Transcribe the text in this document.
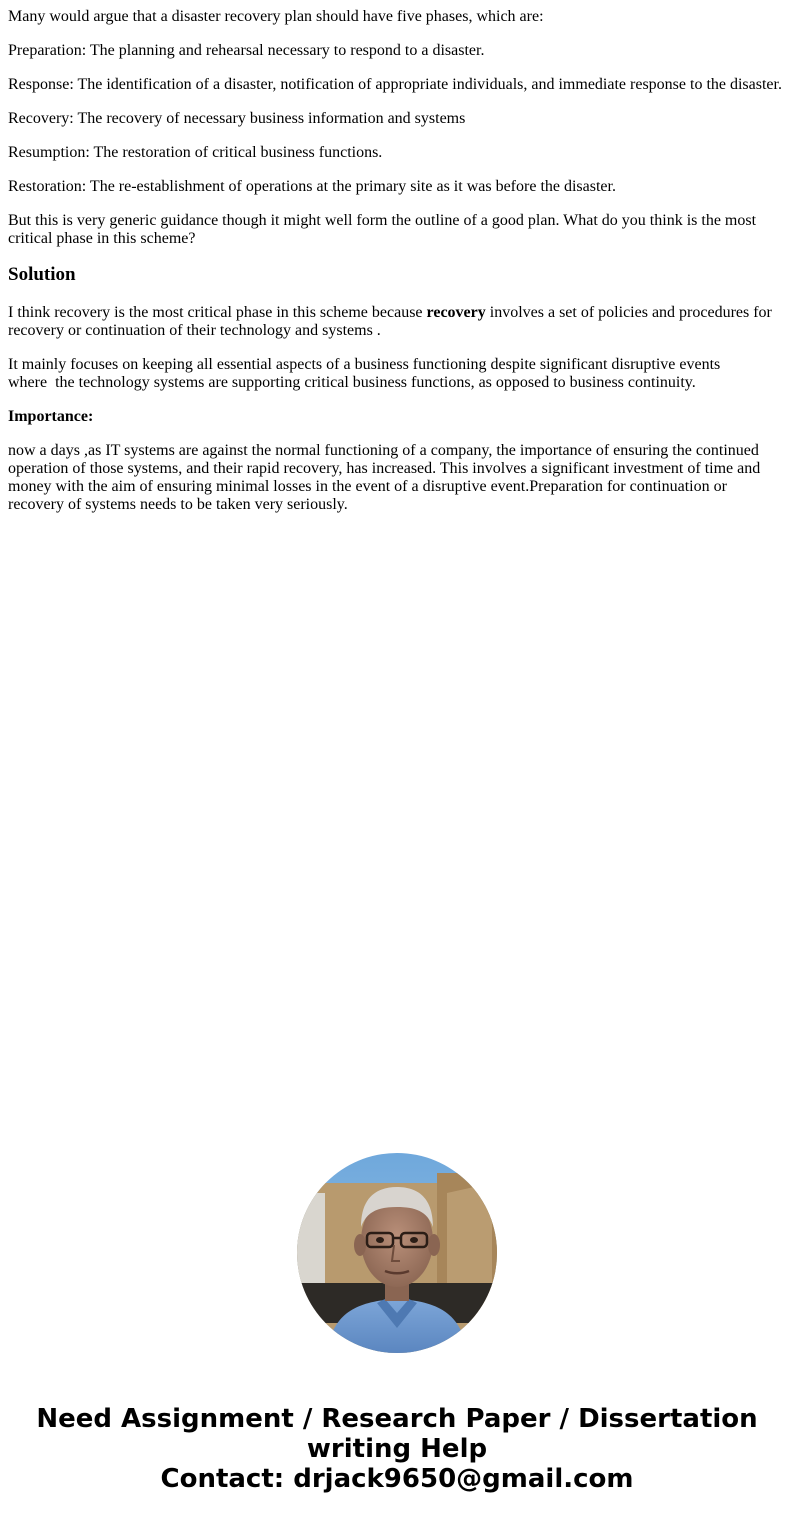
Many would argue that a disaster recovery plan should have five phases, which are:

Preparation: The planning and rehearsal necessary to respond to a disaster.

Response: The identification of a disaster, notification of appropriate individuals, and immediate response to the disaster.

Recovery: The recovery of necessary business information and systems

Resumption: The restoration of critical business functions.

Restoration: The re-establishment of operations at the primary site as it was before the disaster.

But this is very generic guidance though it might well form the outline of a good plan. What do you think is the most critical phase in this scheme?

Solution

I think recovery is the most critical phase in this scheme because recovery involves a set of policies and procedures for recovery or continuation of their technology and systems .

It mainly focuses on keeping all essential aspects of a business functioning despite significant disruptive events
where  the technology systems are supporting critical business functions, as opposed to business continuity.

Importance:

now a days ,as IT systems are against the normal functioning of a company, the importance of ensuring the continued operation of those systems, and their rapid recovery, has increased. This involves a significant investment of time and money with the aim of ensuring minimal losses in the event of a disruptive event.Preparation for continuation or recovery of systems needs to be taken very seriously.

Need Assignment / Research Paper / Dissertation
writing Help
Contact: drjack9650@gmail.com
